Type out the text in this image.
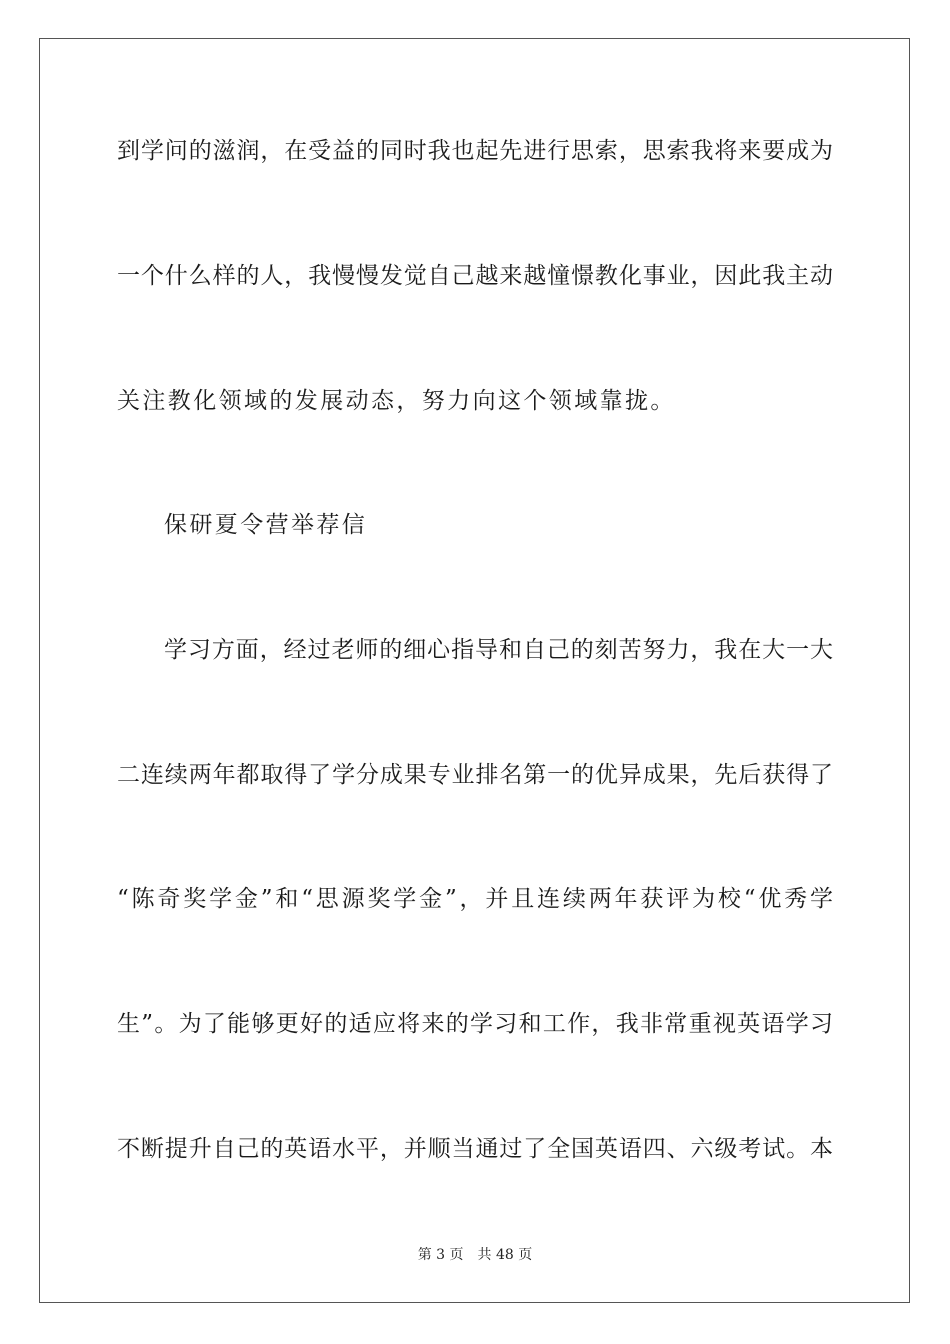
到学问的滋润，在受益的同时我也起先进行思索，思索我将来要成为
一个什么样的人，我慢慢发觉自己越来越憧憬教化事业，因此我主动
关注教化领域的发展动态，努力向这个领域靠拢。
保研夏令营举荐信
学习方面，经过老师的细心指导和自己的刻苦努力，我在大一大
二连续两年都取得了学分成果专业排名第一的优异成果，先后获得了
“陈奇奖学金”和“思源奖学金”，并且连续两年获评为校“优秀学
生”。为了能够更好的适应将来的学习和工作，我非常重视英语学习
不断提升自己的英语水平，并顺当通过了全国英语四、六级考试。本
第 3 页 共 48 页
